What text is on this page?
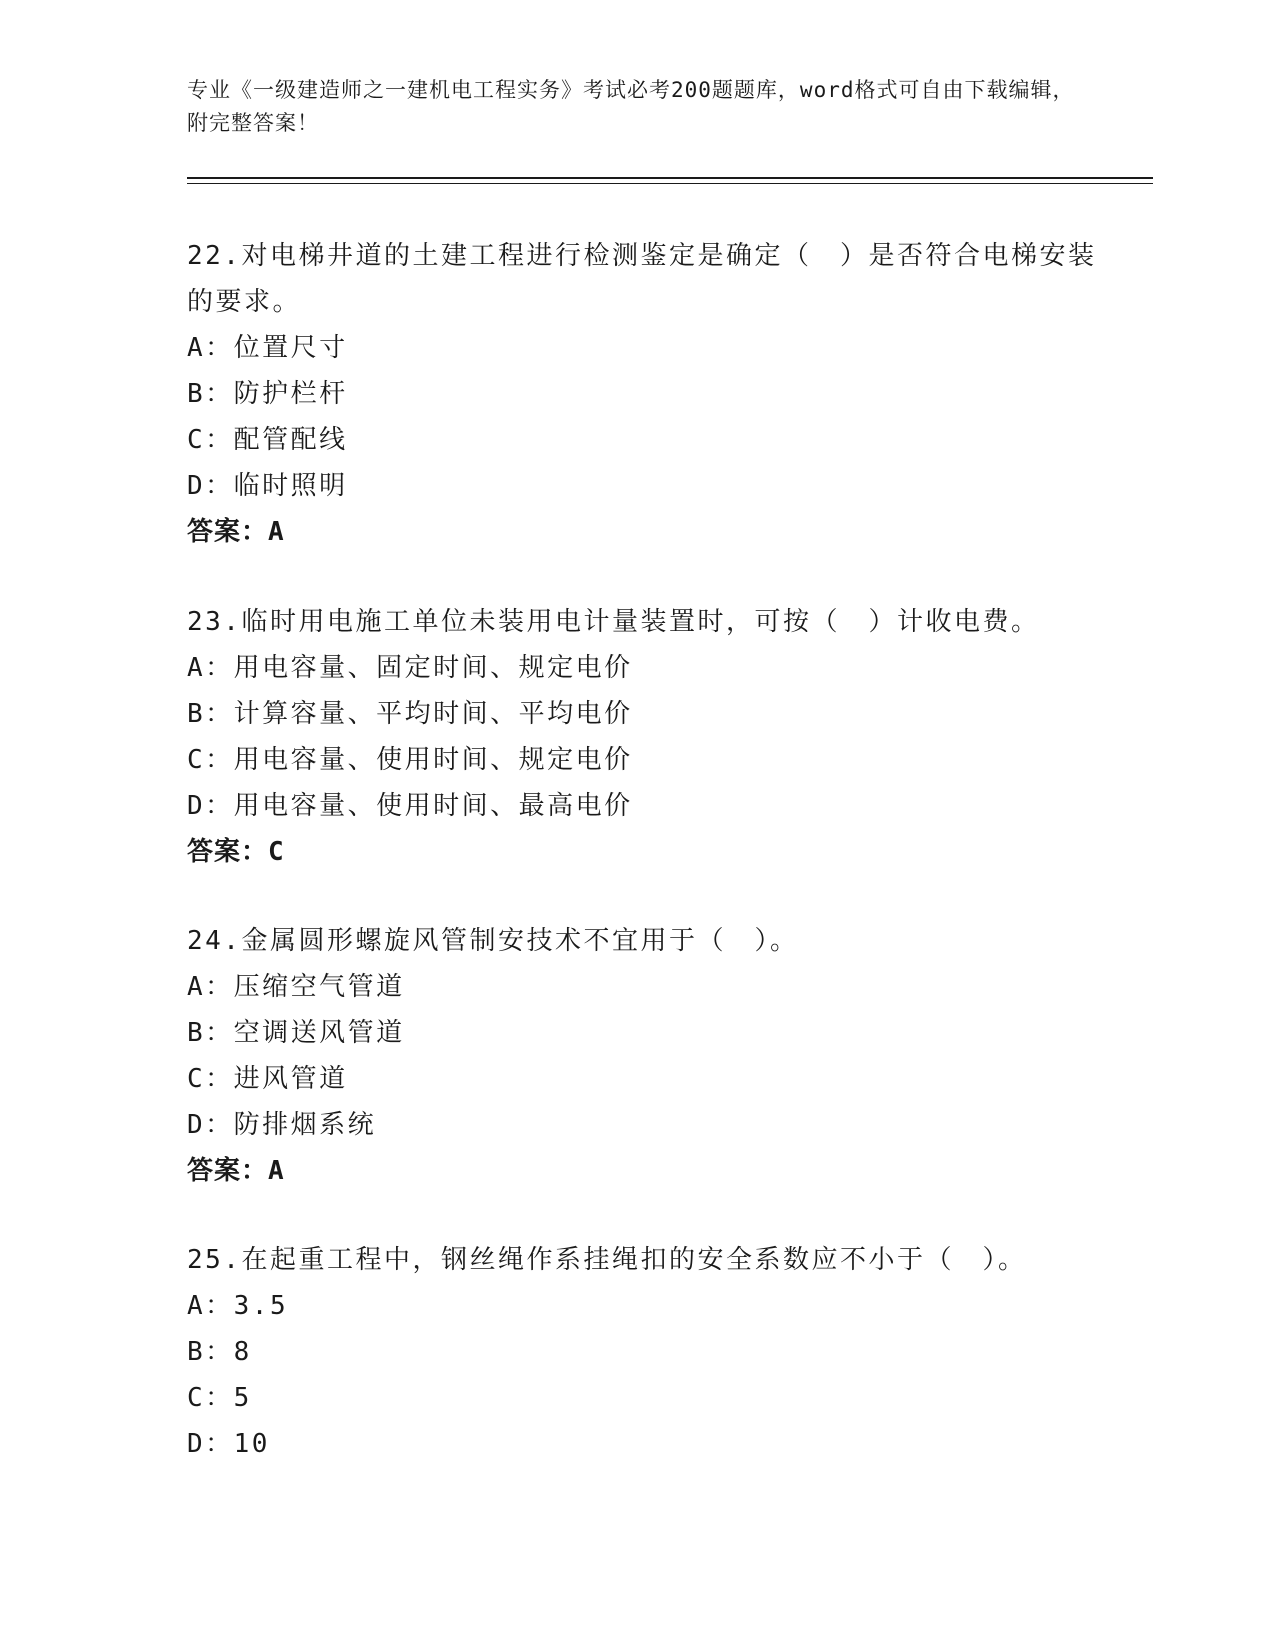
专业《一级建造师之一建机电工程实务》考试必考200题题库，word格式可自由下载编辑，附完整答案！
22.对电梯井道的土建工程进行检测鉴定是确定（　）是否符合电梯安装的要求。
A：位置尺寸
B：防护栏杆
C：配管配线
D：临时照明
答案：A
23.临时用电施工单位未装用电计量装置时，可按（　）计收电费。
A：用电容量、固定时间、规定电价
B：计算容量、平均时间、平均电价
C：用电容量、使用时间、规定电价
D：用电容量、使用时间、最高电价
答案：C
24.金属圆形螺旋风管制安技术不宜用于（　）。
A：压缩空气管道
B：空调送风管道
C：进风管道
D：防排烟系统
答案：A
25.在起重工程中，钢丝绳作系挂绳扣的安全系数应不小于（　）。
A：3.5
B：8
C：5
D：10
